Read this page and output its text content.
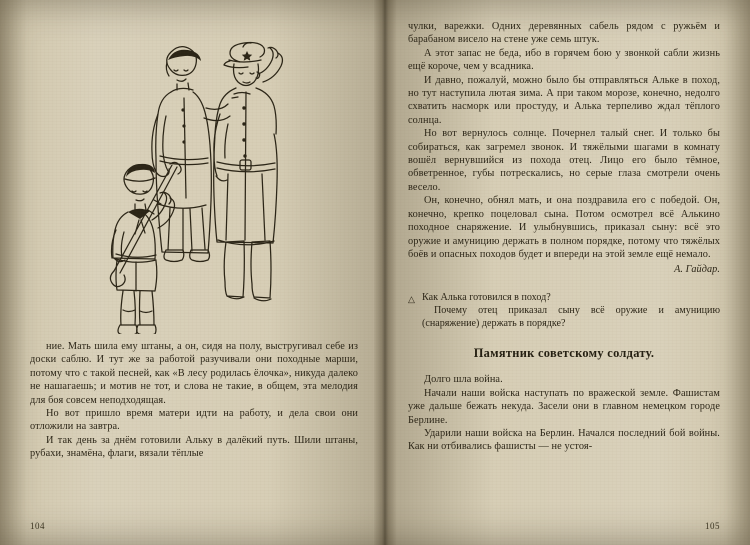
ние. Мать шила ему штаны, а он, сидя на полу, выстругивал себе из доски саблю. И тут же за работой разучивали они походные марши, потому что с такой песней, как «В лесу родилась ёлочка», никуда далеко не нашагаешь; и мотив не тот, и слова не такие, в общем, эта мелодия для боя совсем неподходящая.

Но вот пришло время матери идти на работу, и дела свои они отложили на завтра.

И так день за днём готовили Альку в далёкий путь. Шили штаны, рубахи, знамёна, флаги, вязали тёплые

104

чулки, варежки. Одних деревянных сабель рядом с ружьём и барабаном висело на стене уже семь штук.

А этот запас не беда, ибо в горячем бою у звонкой сабли жизнь ещё короче, чем у всадника.

И давно, пожалуй, можно было бы отправляться Альке в поход, но тут наступила лютая зима. А при таком морозе, конечно, недолго схватить насморк или простуду, и Алька терпеливо ждал тёплого солнца.

Но вот вернулось солнце. Почернел талый снег. И только бы собираться, как загремел звонок. И тяжёлыми шагами в комнату вошёл вернувшийся из похода отец. Лицо его было тёмное, обветренное, губы потрескались, но серые глаза смотрели очень весело.

Он, конечно, обнял мать, и она поздравила его с победой. Он, конечно, крепко поцеловал сына. Потом осмотрел всё Алькино походное снаряжение. И улыбнувшись, приказал сыну: всё это оружие и амуницию держать в полном порядке, потому что тяжёлых боёв и опасных походов будет и впереди на этой земле ещё немало.

А. Гайдар.
△ Как Алька готовился в поход?

Почему отец приказал сыну всё оружие и амуницию (снаряжение) держать в порядке?

Памятник советскому солдату.

Долго шла война.

Начали наши войска наступать по вражеской земле. Фашистам уже дальше бежать некуда. Засели они в главном немецком городе Берлине.

Ударили наши войска на Берлин. Начался последний бой войны. Как ни отбивались фашисты — не устоя-

105
